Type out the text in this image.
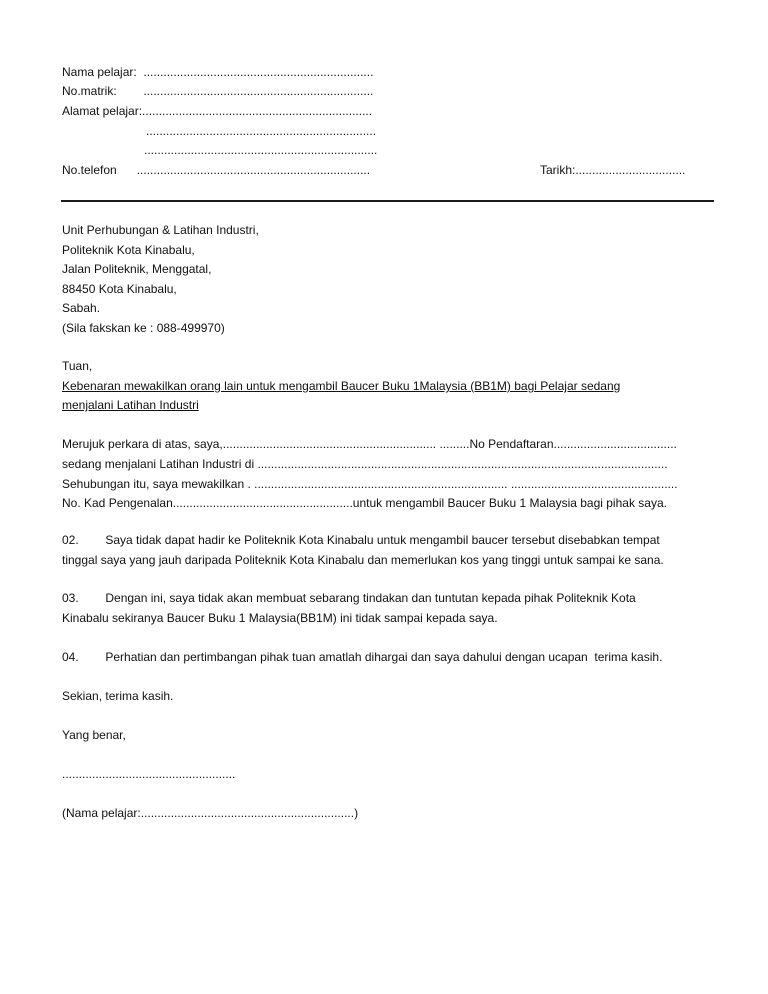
Nama pelajar:  .....................................................................
No.matrik:        .....................................................................
Alamat pelajar:.....................................................................
.....................................................................
......................................................................
No.telefon      ......................................................................	Tarikh:.................................
Unit Perhubungan & Latihan Industri,
Politeknik Kota Kinabalu,
Jalan Politeknik, Menggatal,
88450 Kota Kinabalu,
Sabah.
(Sila fakskan ke : 088-499970)
Tuan,
Kebenaran mewakilkan orang lain untuk mengambil Baucer Buku 1Malaysia (BB1M) bagi Pelajar sedang
menjalani Latihan Industri
Merujuk perkara di atas, saya,................................................................ .........No Pendaftaran.....................................
sedang menjalani Latihan Industri di ...........................................................................................................................
Sehubungan itu, saya mewakilkan . ............................................................................ ..................................................
No. Kad Pengenalan......................................................untuk mengambil Baucer Buku 1 Malaysia bagi pihak saya.
02.        Saya tidak dapat hadir ke Politeknik Kota Kinabalu untuk mengambil baucer tersebut disebabkan tempat
tinggal saya yang jauh daripada Politeknik Kota Kinabalu dan memerlukan kos yang tinggi untuk sampai ke sana.
03.        Dengan ini, saya tidak akan membuat sebarang tindakan dan tuntutan kepada pihak Politeknik Kota
Kinabalu sekiranya Baucer Buku 1 Malaysia(BB1M) ini tidak sampai kepada saya.
04.        Perhatian dan pertimbangan pihak tuan amatlah dihargai dan saya dahului dengan ucapan  terima kasih.
Sekian, terima kasih.
Yang benar,
....................................................
(Nama pelajar:................................................................)
